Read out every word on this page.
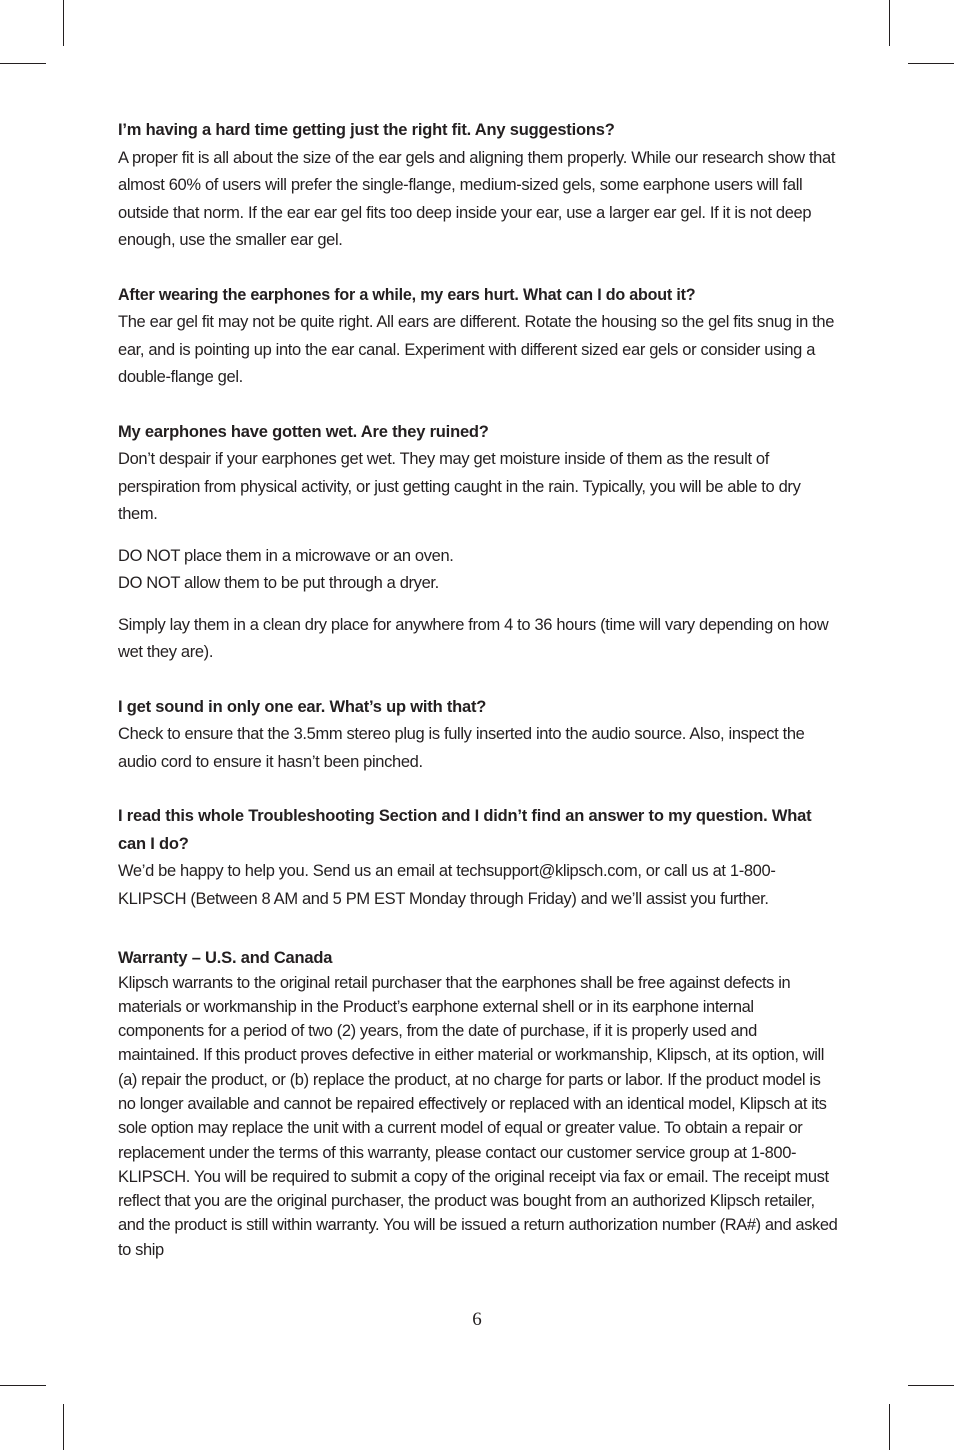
I’m having a hard time getting just the right fit. Any suggestions?

A proper fit is all about the size of the ear gels and aligning them properly. While our research show that almost 60% of users will prefer the single-flange, medium-sized gels, some earphone users will fall outside that norm. If the ear ear gel fits too deep inside your ear, use a larger ear gel. If it is not deep enough, use the smaller ear gel.

After wearing the earphones for a while, my ears hurt. What can I do about it?

The ear gel fit may not be quite right. All ears are different. Rotate the housing so the gel fits snug in the ear, and is pointing up into the ear canal. Experiment with different sized ear gels or consider using a double-flange gel.

My earphones have gotten wet. Are they ruined?

Don’t despair if your earphones get wet. They may get moisture inside of them as the result of perspiration from physical activity, or just getting caught in the rain. Typically, you will be able to dry them.

DO NOT place them in a microwave or an oven.

DO NOT allow them to be put through a dryer.

Simply lay them in a clean dry place for anywhere from 4 to 36 hours (time will vary depending on how wet they are).

I get sound in only one ear. What’s up with that?

Check to ensure that the 3.5mm stereo plug is fully inserted into the audio source. Also, inspect the audio cord to ensure it hasn’t been pinched.

I read this whole Troubleshooting Section and I didn’t find an answer to my question. What can I do?

We’d be happy to help you. Send us an email at techsupport@klipsch.com, or call us at 1-800-KLIPSCH (Between 8 AM and 5 PM EST Monday through Friday) and we’ll assist you further.

Warranty – U.S. and Canada

Klipsch warrants to the original retail purchaser that the earphones shall be free against defects in materials or workmanship in the Product’s earphone external shell or in its earphone internal components for a period of two (2) years, from the date of purchase, if it is properly used and maintained. If this product proves defective in either material or workmanship, Klipsch, at its option, will (a) repair the product, or (b) replace the product, at no charge for parts or labor. If the product model is no longer available and cannot be repaired effectively or replaced with an identical model, Klipsch at its sole option may replace the unit with a current model of equal or greater value. To obtain a repair or replacement under the terms of this warranty, please contact our customer service group at 1-800-KLIPSCH. You will be required to submit a copy of the original receipt via fax or email. The receipt must reflect that you are the original purchaser, the product was bought from an authorized Klipsch retailer, and the product is still within warranty. You will be issued a return authorization number (RA#) and asked to ship

6
